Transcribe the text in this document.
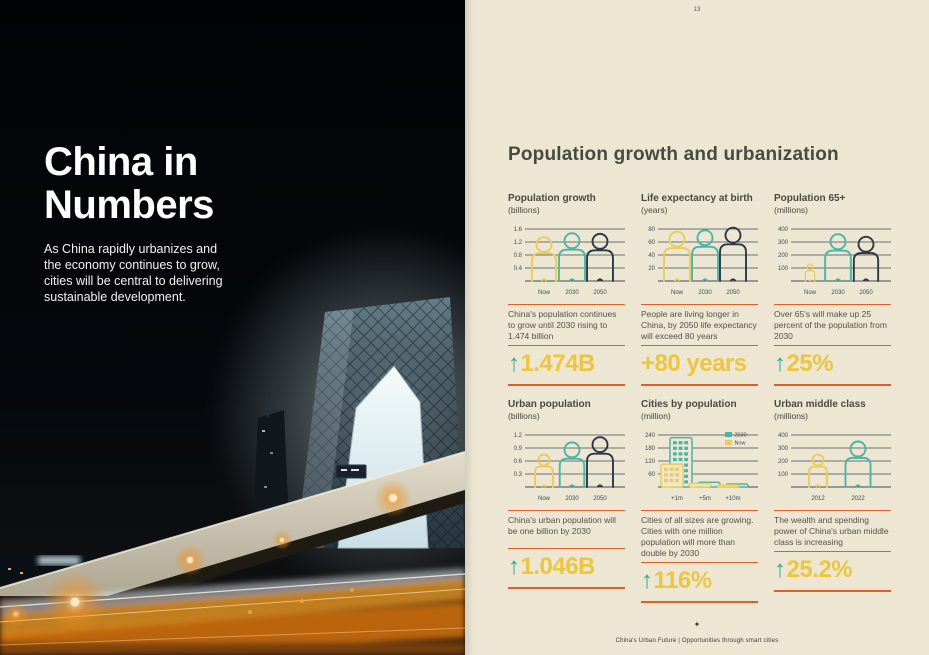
China in
Numbers

As China rapidly urbanizes and
the economy continues to grow,
cities will be central to delivering
sustainable development.

13
Population growth and urbanization
Population growth
(billions)
1.6
1.2
0.8
0.4
Now	2030 2050
China's population continues to grow until 2030 rising to 1.474 billion
↑1.474B
Life expectancy at birth
(years)
80
60
40
20
Now	2030 2050
People are living longer in China, by 2050 life expectancy will exceed 80 years
+80 years
Population 65+
(millions)
400
300
200
100
Now	2030 2050
Over 65's will make up 25 percent of the population from 2030
↑25%
Urban population
(billions)
1.2
0.9
0.6
0.3
Now	2030 2050
China's urban population will be one billion by 2030
↑1.046B
Cities by population
(million)
240
180
120
60
+1m	+5m +10m
2030
Now
Cities of all sizes are growing. Cities with one million population will more than double by 2030
↑116%
Urban middle class
(millions)
400
300
200
100
2012	2022
The wealth and spending power of China's urban middle class is increasing
↑25.2%
✦
China's Urban Future | Opportunities through smart cities
